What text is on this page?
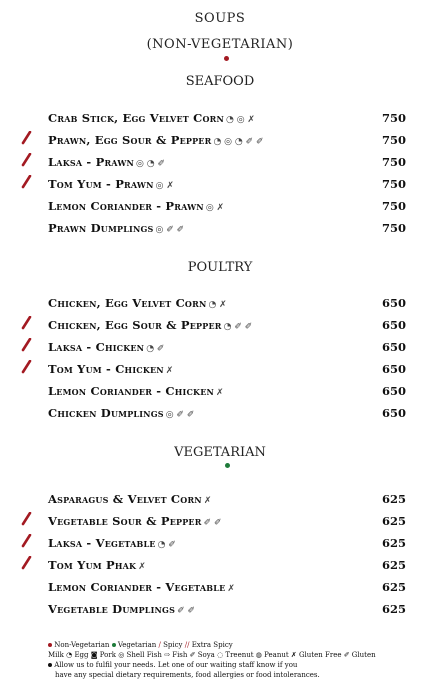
SOUPS
(NON-VEGETARIAN)
SEAFOOD
POULTRY
VEGETARIAN
Crab Stick, Egg Velvet Corn ◔ ◎ ✗	750
Prawn, Egg Sour & Pepper ◔ ◎ ◔ ✐ ✐	750
Laksa - Prawn ◎ ◔ ✐	750
Tom Yum - Prawn ◎ ✗	750
Lemon Coriander - Prawn ◎ ✗	750
Prawn Dumplings ◎ ✐ ✐	750
Chicken, Egg Velvet Corn ◔ ✗	650
Chicken, Egg Sour & Pepper ◔ ✐ ✐	650
Laksa - Chicken ◔ ✐	650
Tom Yum - Chicken ✗	650
Lemon Coriander - Chicken ✗	650
Chicken Dumplings ◎ ✐ ✐	650
Asparagus & Velvet Corn ✗	625
Vegetable Sour & Pepper ✐ ✐	625
Laksa - Vegetable ◔ ✐	625
Tom Yum Phak ✗	625
Lemon Coriander - Vegetable ✗	625
Vegetable Dumplings ✐ ✐	625
Non-Vegetarian Vegetarian / Spicy // Extra Spicy
Milk ◔ Egg ◙ Pork ◎ Shell Fish ⇨ Fish ✐ Soya ◌ Treenut ◍ Peanut ✗ Gluten Free ✐ Gluten
Allow us to fulfil your needs. Let one of our waiting staff know if you
have any special dietary requirements, food allergies or food intolerances.
